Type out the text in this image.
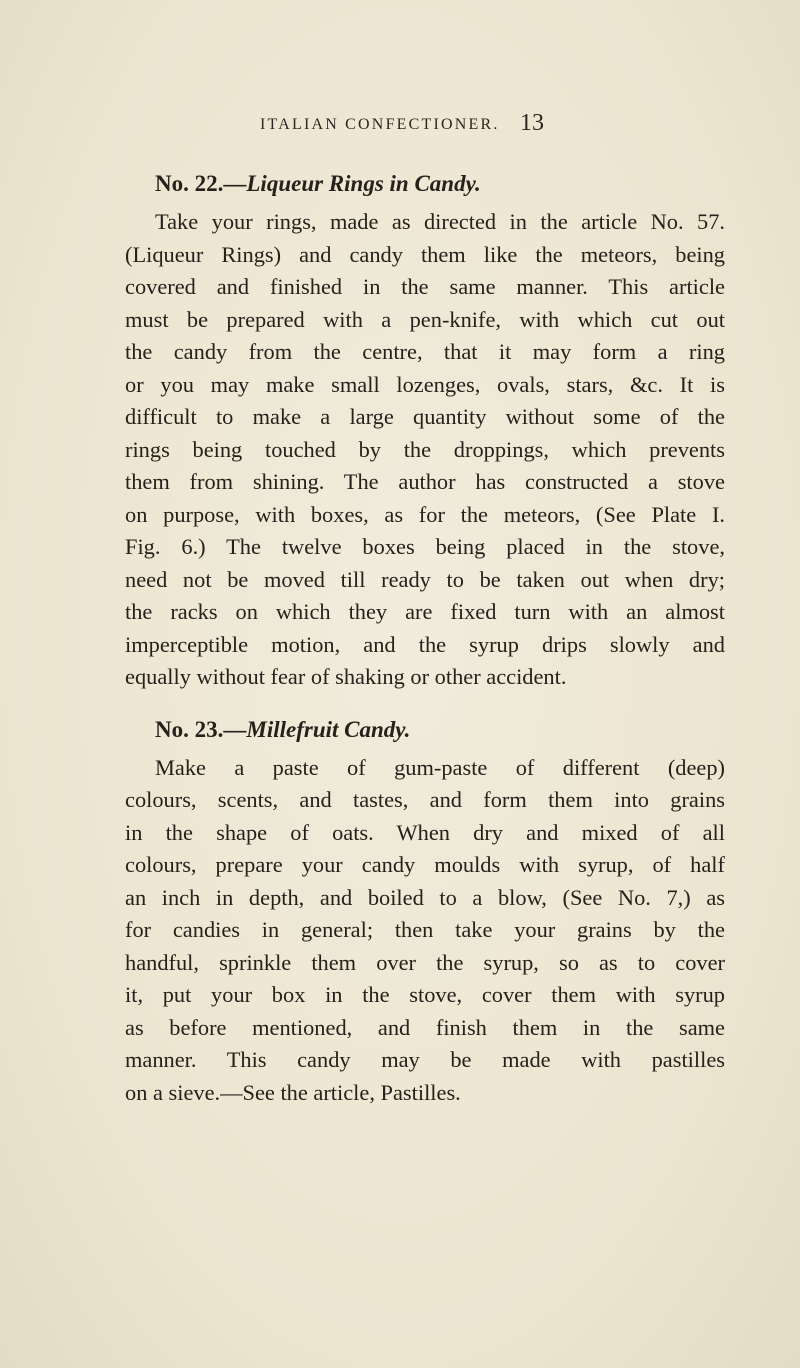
ITALIAN CONFECTIONER. 13
No. 22.—Liqueur Rings in Candy.

Take your rings, made as directed in the article No. 57.
(Liqueur Rings) and candy them like the meteors, being
covered and finished in the same manner. This article
must be prepared with a pen-knife, with which cut out
the candy from the centre, that it may form a ring
or you may make small lozenges, ovals, stars, &c. It is
difficult to make a large quantity without some of the
rings being touched by the droppings, which prevents
them from shining. The author has constructed a stove
on purpose, with boxes, as for the meteors, (See Plate I.
Fig. 6.) The twelve boxes being placed in the stove,
need not be moved till ready to be taken out when dry;
the racks on which they are fixed turn with an almost
imperceptible motion, and the syrup drips slowly and
equally without fear of shaking or other accident.

No. 23.—Millefruit Candy.

Make a paste of gum-paste of different (deep)
colours, scents, and tastes, and form them into grains
in the shape of oats. When dry and mixed of all
colours, prepare your candy moulds with syrup, of half
an inch in depth, and boiled to a blow, (See No. 7,) as
for candies in general; then take your grains by the
handful, sprinkle them over the syrup, so as to cover
it, put your box in the stove, cover them with syrup
as before mentioned, and finish them in the same
manner. This candy may be made with pastilles
on a sieve.—See the article, Pastilles.
